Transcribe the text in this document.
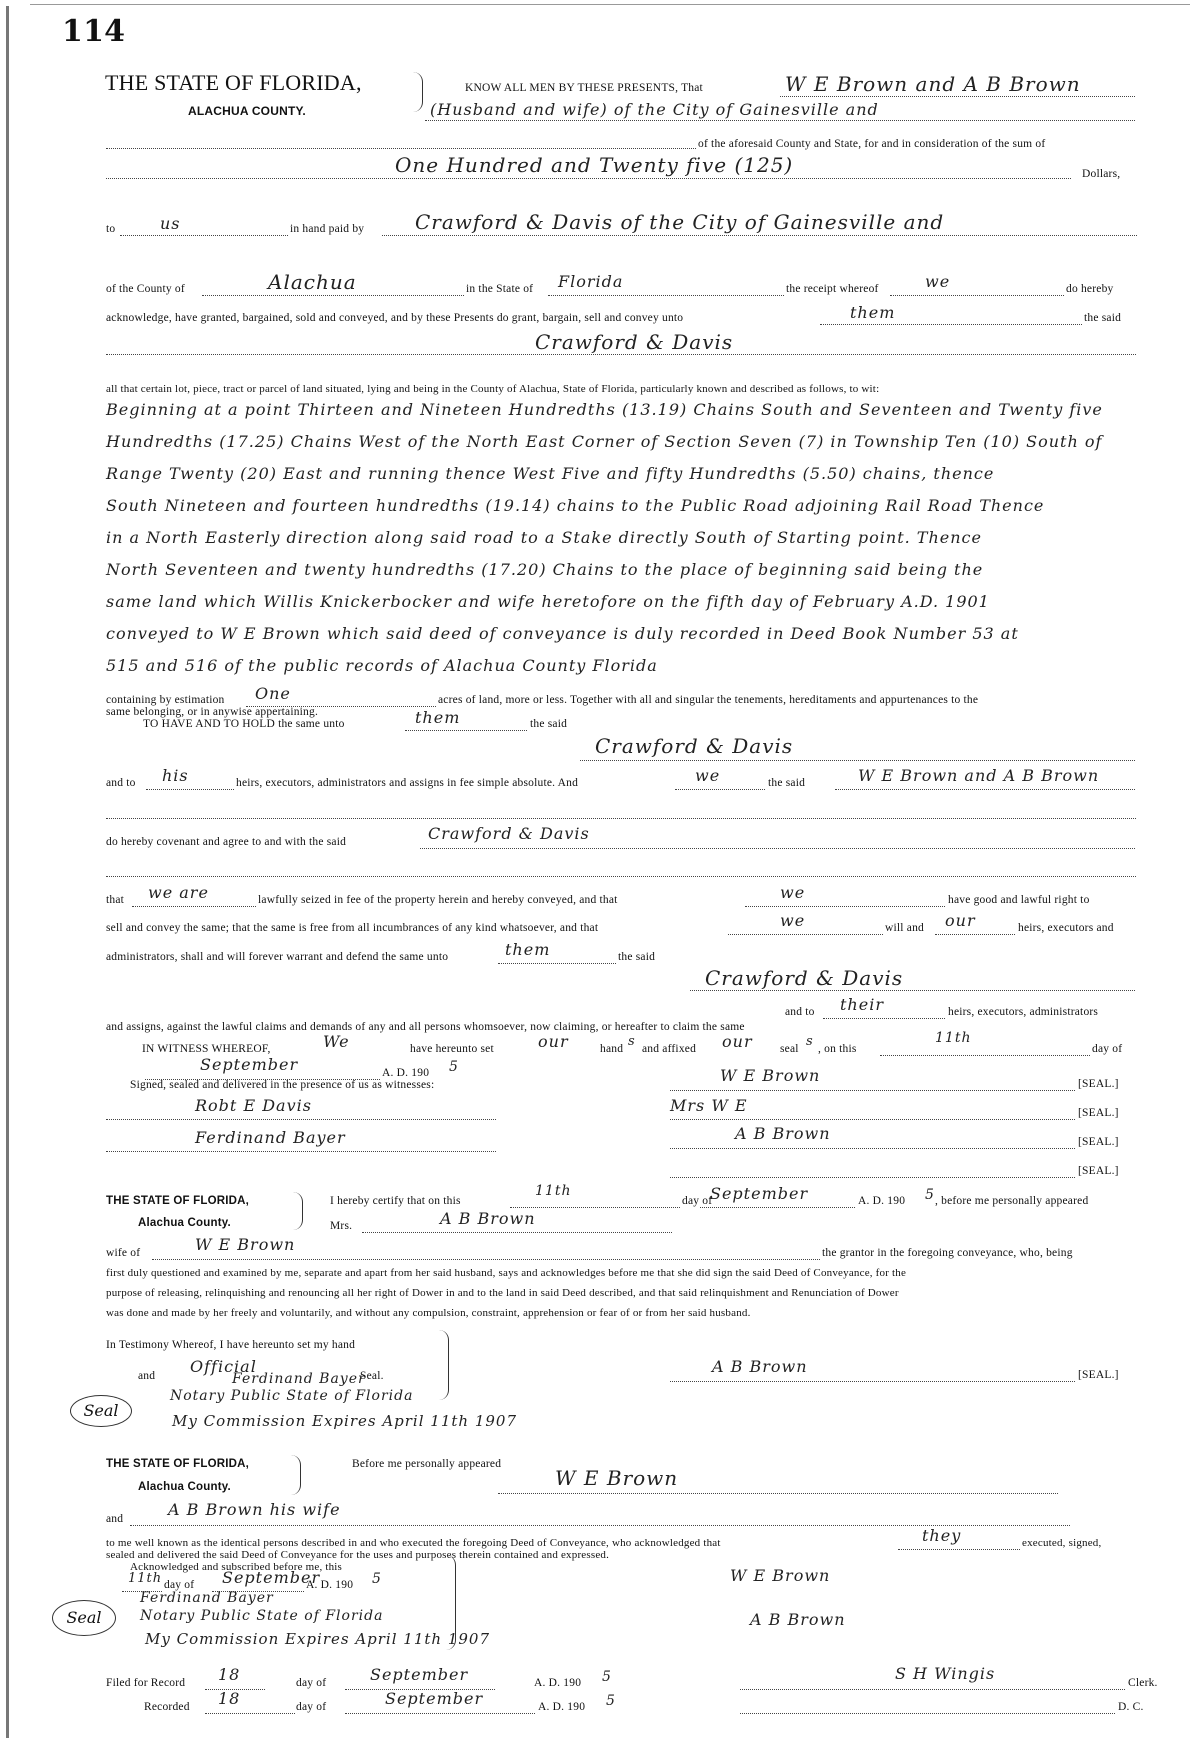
114
THE STATE OF FLORIDA,
ALACHUA COUNTY.
KNOW ALL MEN BY THESE PRESENTS, That	W E Brown and A B Brown
(Husband and wife) of the City of Gainesville and
of the aforesaid County and State, for and in consideration of the sum of
One Hundred and Twenty five (125)	Dollars,
to	us	in hand paid by	Crawford & Davis of the City of Gainesville and
of the County of	Alachua	in the State of Florida	the receipt whereof	we	do hereby
acknowledge, have granted, bargained, sold and conveyed, and by these Presents do grant, bargain, sell and convey unto	them	the said
Crawford & Davis
all that certain lot, piece, tract or parcel of land situated, lying and being in the County of Alachua, State of Florida, particularly known and described as follows, to wit:
Beginning at a point Thirteen and Nineteen Hundredths (13.19) Chains South and Seventeen and Twenty five
Hundredths (17.25) Chains West of the North East Corner of Section Seven (7) in Township Ten (10) South of
Range Twenty (20) East and running thence West Five and fifty Hundredths (5.50) chains, thence
South Nineteen and fourteen hundredths (19.14) chains to the Public Road adjoining Rail Road Thence
in a North Easterly direction along said road to a Stake directly South of Starting point. Thence
North Seventeen and twenty hundredths (17.20) Chains to the place of beginning said being the
same land which Willis Knickerbocker and wife heretofore on the fifth day of February A.D. 1901
conveyed to W E Brown which said deed of conveyance is duly recorded in Deed Book Number 53 at
515 and 516 of the public records of Alachua County Florida
containing by estimation One	acres of land, more or less. Together with all and singular the tenements, hereditaments and appurtenances to the
same belonging, or in anywise appertaining.
TO HAVE AND TO HOLD the same unto	them	the said
Crawford & Davis
and to his	heirs, executors, administrators and assigns in fee simple absolute. And	we	the said	W E Brown and A B Brown
do hereby covenant and agree to and with the said	Crawford & Davis
that we are	lawfully seized in fee of the property herein and hereby conveyed, and that	we	have good and lawful right to
sell and convey the same; that the same is free from all incumbrances of any kind whatsoever, and that	we	will and our	heirs, executors and
administrators, shall and will forever warrant and defend the same unto	them	the said
Crawford & Davis
and to their	heirs, executors, administrators
and assigns, against the lawful claims and demands of any and all persons whomsoever, now claiming, or hereafter to claim the same
IN WITNESS WHEREOF,	We	have hereunto set	our	hand s and affixed our seal s , on this
11th
day of
September	A. D. 190 5
Signed, sealed and delivered in the presence of us as witnesses:
Robt E Davis
Ferdinand Bayer
W E Brown	[SEAL.]
Mrs W E	[SEAL.]
A B Brown	[SEAL.]
[SEAL.]
THE STATE OF FLORIDA,
Alachua County.
I hereby certify that on this
11th
day of
September	A. D. 190 5 , before me personally appeared
Mrs.	A B Brown
wife of	W E Brown	the grantor in the foregoing conveyance, who, being
first duly questioned and examined by me, separate and apart from her said husband, says and acknowledges before me that she did sign the said Deed of Conveyance, for the
purpose of releasing, relinquishing and renouncing all her right of Dower in and to the land in said Deed described, and that said relinquishment and Renunciation of Dower
was done and made by her freely and voluntarily, and without any compulsion, constraint, apprehension or fear of or from her said husband.
In Testimony Whereof, I have hereunto set my hand
and Official	Seal.
Ferdinand Bayer
Notary Public State of Florida
My Commission Expires April 11th 1907
Seal
A B Brown	[SEAL.]
THE STATE OF FLORIDA,
Alachua County.
Before me personally appeared
W E Brown
and	A B Brown his wife
to me well known as the identical persons described in and who executed the foregoing Deed of Conveyance, who acknowledged that	they	executed, signed,
sealed and delivered the said Deed of Conveyance for the uses and purposes therein contained and expressed.
Acknowledged and subscribed before me, this
11th day of September
A. D. 190 5
Ferdinand Bayer
Notary Public State of Florida
My Commission Expires April 11th 1907
Seal
W E Brown
A B Brown
Filed for Record 18	day of	September	A. D. 190 5	S H Wingis	Clerk.
Recorded 18	day of	September	A. D. 190 5	D. C.
